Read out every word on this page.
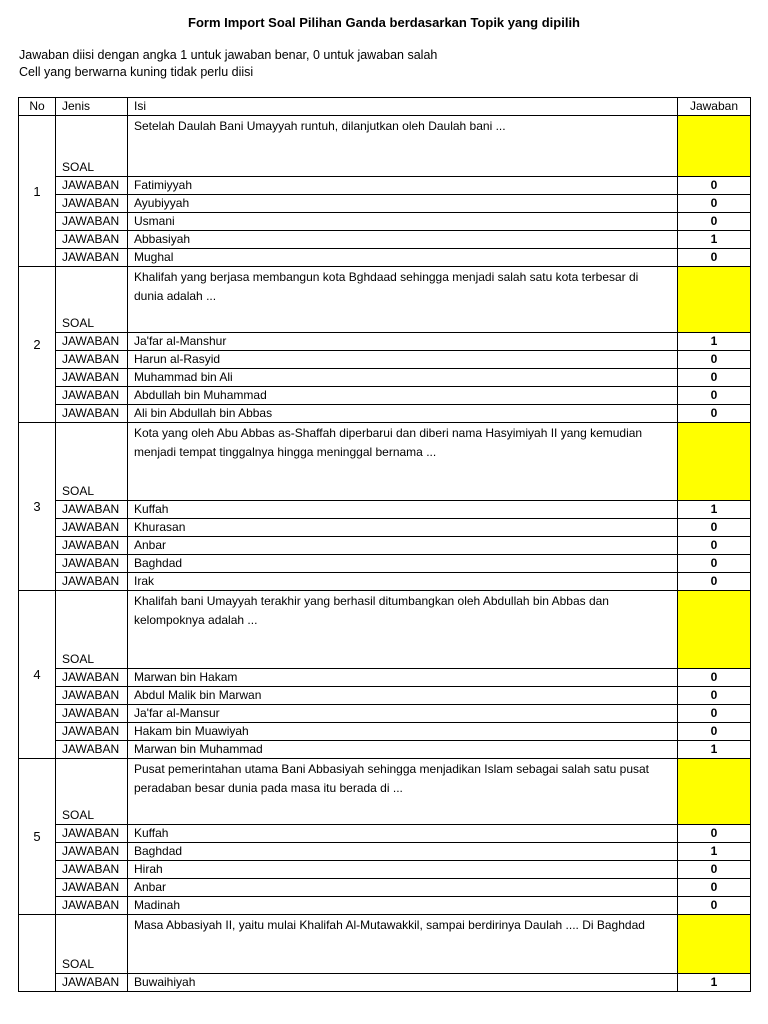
Form Import Soal Pilihan Ganda berdasarkan Topik yang dipilih
Jawaban diisi dengan angka 1 untuk jawaban benar, 0 untuk jawaban salah
Cell yang berwarna kuning tidak perlu diisi
No	Jenis	Isi	Jawaban
1	SOAL	Setelah Daulah Bani Umayyah runtuh, dilanjutkan oleh Daulah bani ...	
	JAWABAN	Fatimiyyah	0
	JAWABAN	Ayubiyyah	0
	JAWABAN	Usmani	0
	JAWABAN	Abbasiyah	1
	JAWABAN	Mughal	0
2	SOAL	Khalifah yang berjasa membangun kota Bghdaad sehingga menjadi salah satu kota terbesar di dunia adalah ...	
	JAWABAN	Ja'far al-Manshur	1
	JAWABAN	Harun al-Rasyid	0
	JAWABAN	Muhammad bin Ali	0
	JAWABAN	Abdullah bin Muhammad	0
	JAWABAN	Ali bin Abdullah bin Abbas	0
3	SOAL	Kota yang oleh Abu Abbas as-Shaffah diperbarui dan diberi nama Hasyimiyah II yang kemudian menjadi tempat tinggalnya hingga meninggal bernama ...	
	JAWABAN	Kuffah	1
	JAWABAN	Khurasan	0
	JAWABAN	Anbar	0
	JAWABAN	Baghdad	0
	JAWABAN	Irak	0
4	SOAL	Khalifah bani Umayyah terakhir yang berhasil ditumbangkan oleh Abdullah bin Abbas dan kelompoknya adalah ...	
	JAWABAN	Marwan bin Hakam	0
	JAWABAN	Abdul Malik bin Marwan	0
	JAWABAN	Ja'far al-Mansur	0
	JAWABAN	Hakam bin Muawiyah	0
	JAWABAN	Marwan bin Muhammad	1
5	SOAL	Pusat pemerintahan utama Bani Abbasiyah sehingga menjadikan Islam sebagai salah satu pusat peradaban besar dunia pada masa itu berada di ...	
	JAWABAN	Kuffah	0
	JAWABAN	Baghdad	1
	JAWABAN	Hirah	0
	JAWABAN	Anbar	0
	JAWABAN	Madinah	0
	SOAL	Masa Abbasiyah II, yaitu mulai Khalifah Al-Mutawakkil, sampai berdirinya Daulah .... Di Baghdad	
	JAWABAN	Buwaihiyah	1
